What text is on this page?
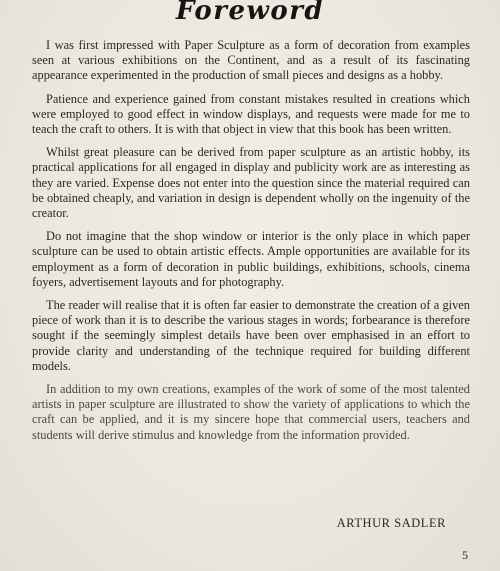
Foreword

I was first impressed with Paper Sculpture as a form of decoration from examples seen at various exhibitions on the Continent, and as a result of its fascinating appearance experimented in the production of small pieces and designs as a hobby.

Patience and experience gained from constant mistakes resulted in creations which were employed to good effect in window displays, and requests were made for me to teach the craft to others. It is with that object in view that this book has been written.

Whilst great pleasure can be derived from paper sculpture as an artistic hobby, its practical applications for all engaged in display and publicity work are as interesting as they are varied. Expense does not enter into the question since the material required can be obtained cheaply, and variation in design is dependent wholly on the ingenuity of the creator.

Do not imagine that the shop window or interior is the only place in which paper sculpture can be used to obtain artistic effects. Ample opportunities are available for its employment as a form of decoration in public buildings, exhibitions, schools, cinema foyers, advertisement layouts and for photography.

The reader will realise that it is often far easier to demonstrate the creation of a given piece of work than it is to describe the various stages in words; forbearance is therefore sought if the seemingly simplest details have been over emphasised in an effort to provide clarity and understanding of the technique required for building different models.

In addition to my own creations, examples of the work of some of the most talented artists in paper sculpture are illustrated to show the variety of applications to which the craft can be applied, and it is my sincere hope that commercial users, teachers and students will derive stimulus and knowledge from the information provided.

ARTHUR SADLER

5
